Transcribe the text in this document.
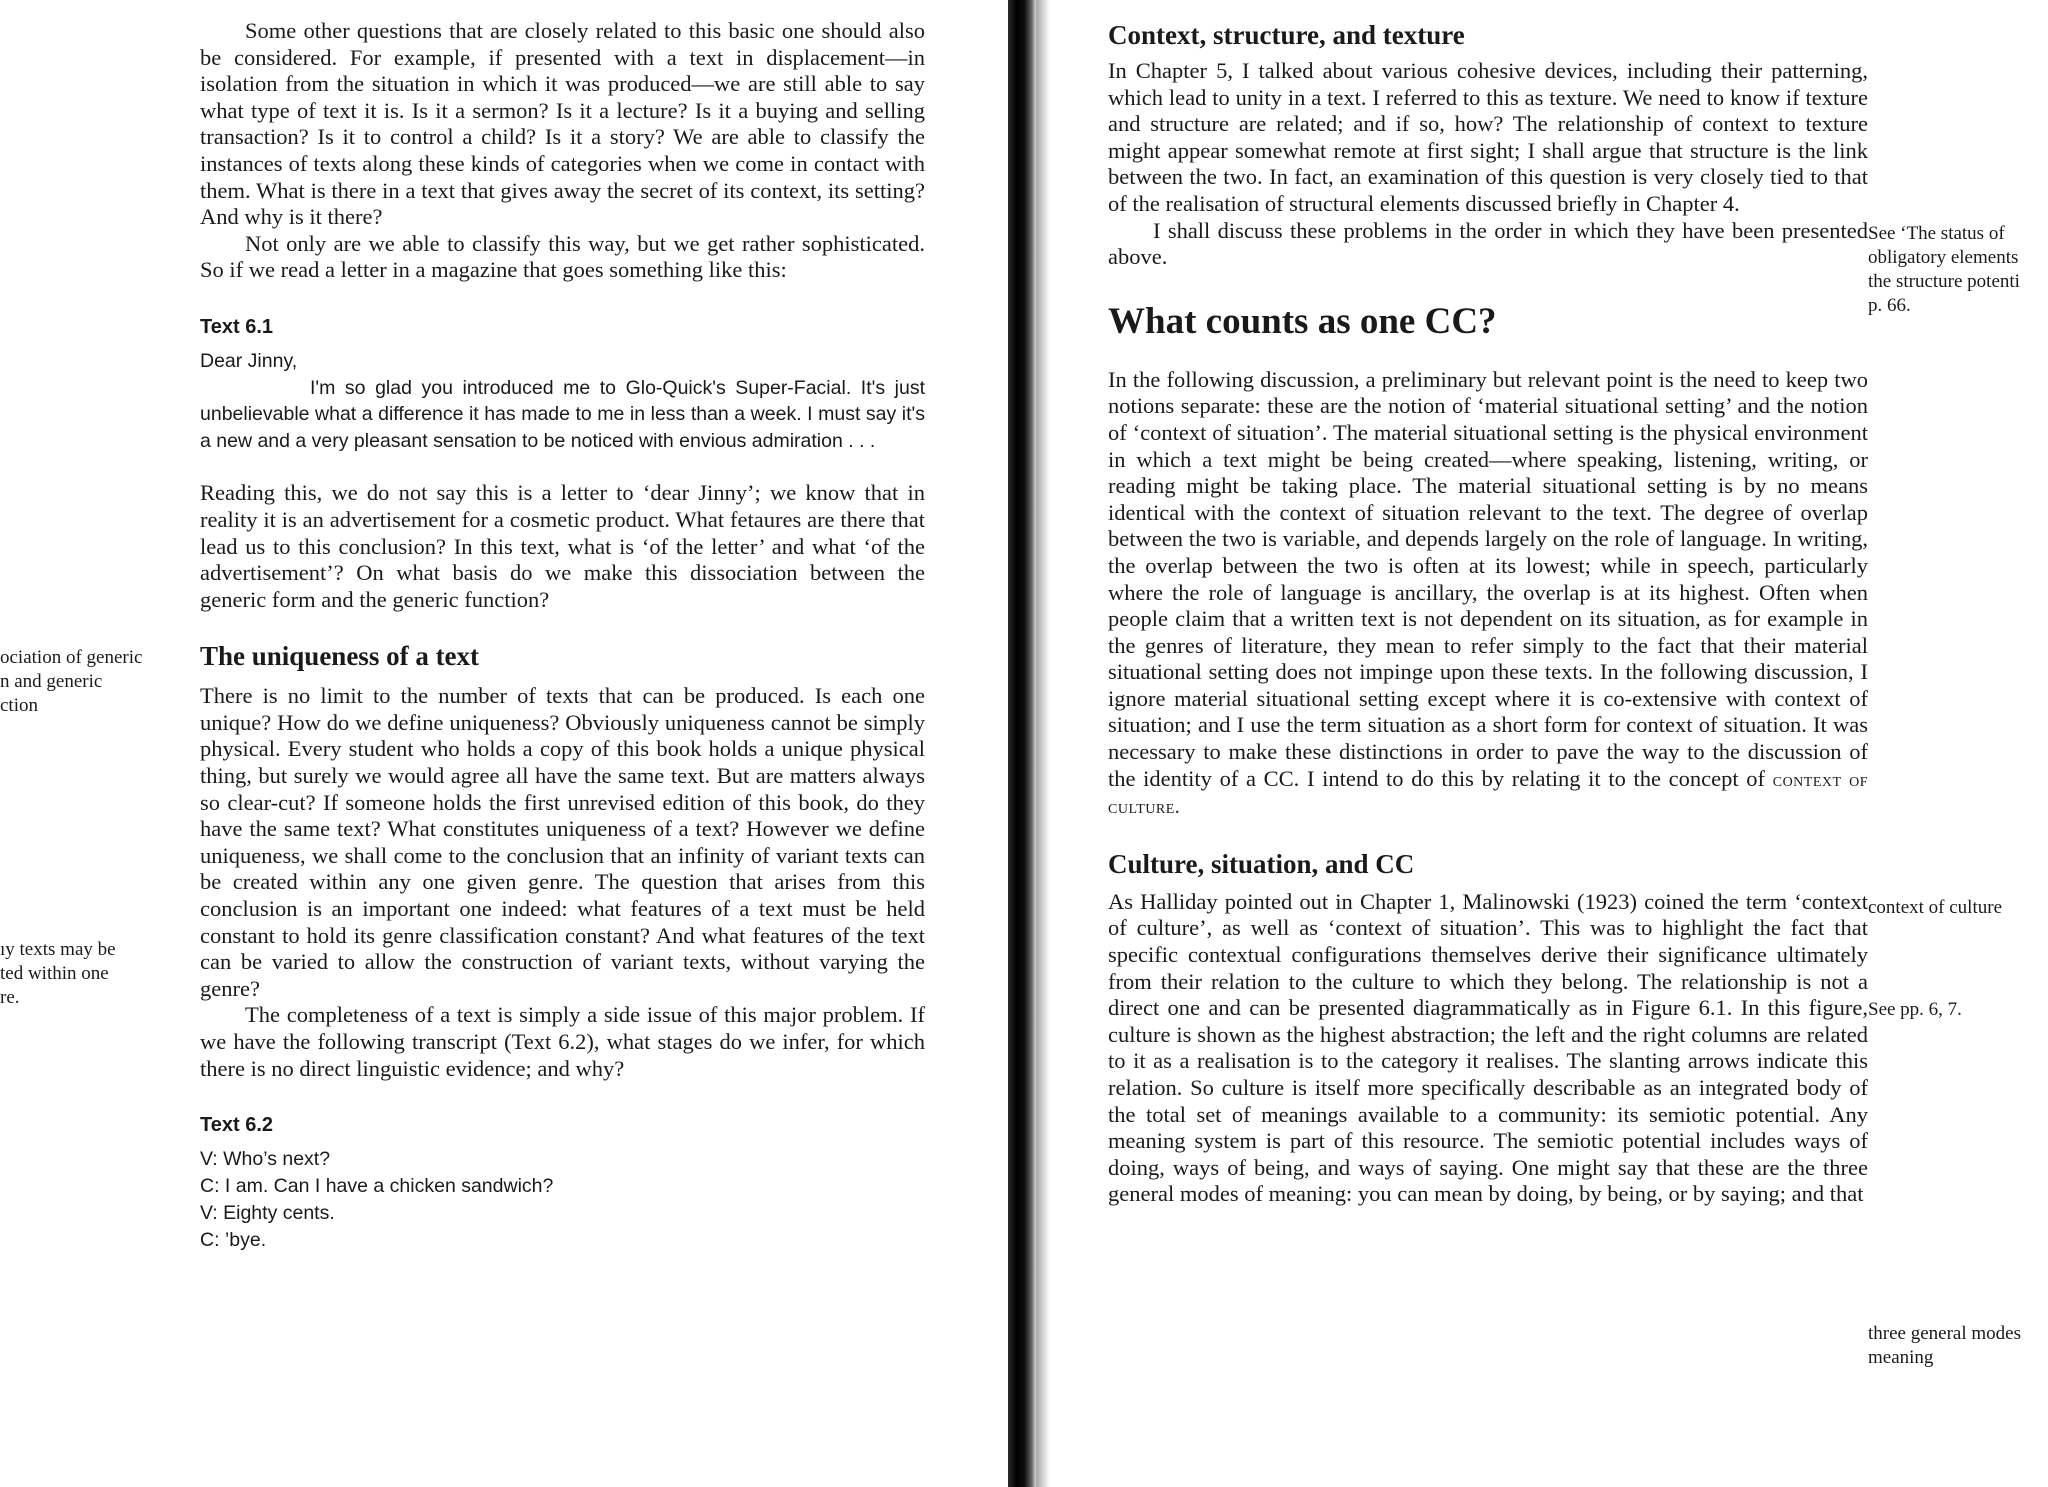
Some other questions that are closely related to this basic one should also be considered. For example, if presented with a text in displacement—in isolation from the situation in which it was produced—we are still able to say what type of text it is. Is it a sermon? Is it a lecture? Is it a buying and selling transaction? Is it to control a child? Is it a story? We are able to classify the instances of texts along these kinds of categories when we come in contact with them. What is there in a text that gives away the secret of its context, its setting? And why is it there?

Not only are we able to classify this way, but we get rather sophisticated. So if we read a letter in a magazine that goes something like this:

Text 6.1
Dear Jinny,

I'm so glad you introduced me to Glo-Quick's Super-Facial. It's just unbelievable what a difference it has made to me in less than a week. I must say it's a new and a very pleasant sensation to be noticed with envious admiration . . .

Reading this, we do not say this is a letter to ‘dear Jinny’; we know that in reality it is an advertisement for a cosmetic product. What fetaures are there that lead us to this conclusion? In this text, what is ‘of the letter’ and what ‘of the advertisement’? On what basis do we make this dissociation between the generic form and the generic function?

The uniqueness of a text

There is no limit to the number of texts that can be produced. Is each one unique? How do we define uniqueness? Obviously uniqueness cannot be simply physical. Every student who holds a copy of this book holds a unique physical thing, but surely we would agree all have the same text. But are matters always so clear-cut? If someone holds the first unrevised edition of this book, do they have the same text? What constitutes uniqueness of a text? However we define uniqueness, we shall come to the conclusion that an infinity of variant texts can be created within any one given genre. The question that arises from this conclusion is an important one indeed: what features of a text must be held constant to hold its genre classification constant? And what features of the text can be varied to allow the construction of variant texts, without varying the genre?

The completeness of a text is simply a side issue of this major problem. If we have the following transcript (Text 6.2), what stages do we infer, for which there is no direct linguistic evidence; and why?

Text 6.2
V: Who’s next?
C: I am. Can I have a chicken sandwich?
V: Eighty cents.
C: ’bye.
ociation of generic
n and generic
ction
ıy texts may be
ted within one
re.
Context, structure, and texture

In Chapter 5, I talked about various cohesive devices, including their patterning, which lead to unity in a text. I referred to this as texture. We need to know if texture and structure are related; and if so, how? The relationship of context to texture might appear somewhat remote at first sight; I shall argue that structure is the link between the two. In fact, an examination of this question is very closely tied to that of the realisation of structural elements discussed briefly in Chapter 4.

I shall discuss these problems in the order in which they have been presented above.

What counts as one CC?

In the following discussion, a preliminary but relevant point is the need to keep two notions separate: these are the notion of ‘material situational setting’ and the notion of ‘context of situation’. The material situational setting is the physical environment in which a text might be being created—where speaking, listening, writing, or reading might be taking place. The material situational setting is by no means identical with the context of situation relevant to the text. The degree of overlap between the two is variable, and depends largely on the role of language. In writing, the overlap between the two is often at its lowest; while in speech, particularly where the role of language is ancillary, the overlap is at its highest. Often when people claim that a written text is not dependent on its situation, as for example in the genres of literature, they mean to refer simply to the fact that their material situational setting does not impinge upon these texts. In the following discussion, I ignore material situational setting except where it is co-extensive with context of situation; and I use the term situation as a short form for context of situation. It was necessary to make these distinctions in order to pave the way to the discussion of the identity of a CC. I intend to do this by relating it to the concept of context of culture.

Culture, situation, and CC

As Halliday pointed out in Chapter 1, Malinowski (1923) coined the term ‘context of culture’, as well as ‘context of situation’. This was to highlight the fact that specific contextual configurations themselves derive their significance ultimately from their relation to the culture to which they belong. The relationship is not a direct one and can be presented diagrammatically as in Figure 6.1. In this figure, culture is shown as the highest abstraction; the left and the right columns are related to it as a realisation is to the category it realises. The slanting arrows indicate this relation. So culture is itself more specifically describable as an integrated body of the total set of meanings available to a community: its semiotic potential. Any meaning system is part of this resource. The semiotic potential includes ways of doing, ways of being, and ways of saying. One might say that these are the three general modes of meaning: you can mean by doing, by being, or by saying; and that

See ‘The status of
obligatory elements
the structure potenti
p. 66.
context of culture
See pp. 6, 7.
three general modes
meaning
